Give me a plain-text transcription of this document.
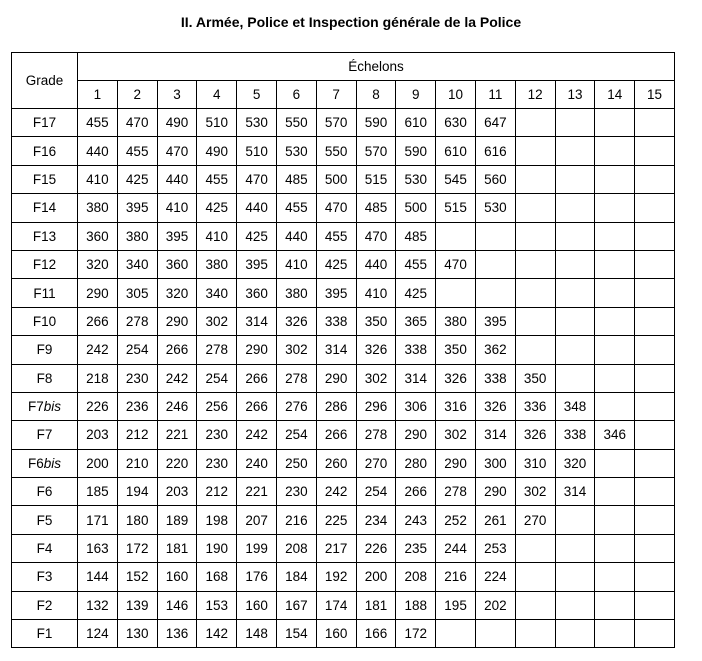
II. Armée, Police et Inspection générale de la Police
Grade	Échelons														
	1	2	3	4	5	6	7	8	9	10	11	12	13	14	15
F17	455	470	490	510	530	550	570	590	610	630	647				
F16	440	455	470	490	510	530	550	570	590	610	616				
F15	410	425	440	455	470	485	500	515	530	545	560				
F14	380	395	410	425	440	455	470	485	500	515	530				
F13	360	380	395	410	425	440	455	470	485						
F12	320	340	360	380	395	410	425	440	455	470					
F11	290	305	320	340	360	380	395	410	425						
F10	266	278	290	302	314	326	338	350	365	380	395				
F9	242	254	266	278	290	302	314	326	338	350	362				
F8	218	230	242	254	266	278	290	302	314	326	338	350			
F7bis	226	236	246	256	266	276	286	296	306	316	326	336	348		
F7	203	212	221	230	242	254	266	278	290	302	314	326	338	346	
F6bis	200	210	220	230	240	250	260	270	280	290	300	310	320		
F6	185	194	203	212	221	230	242	254	266	278	290	302	314		
F5	171	180	189	198	207	216	225	234	243	252	261	270			
F4	163	172	181	190	199	208	217	226	235	244	253				
F3	144	152	160	168	176	184	192	200	208	216	224				
F2	132	139	146	153	160	167	174	181	188	195	202				
F1	124	130	136	142	148	154	160	166	172						
